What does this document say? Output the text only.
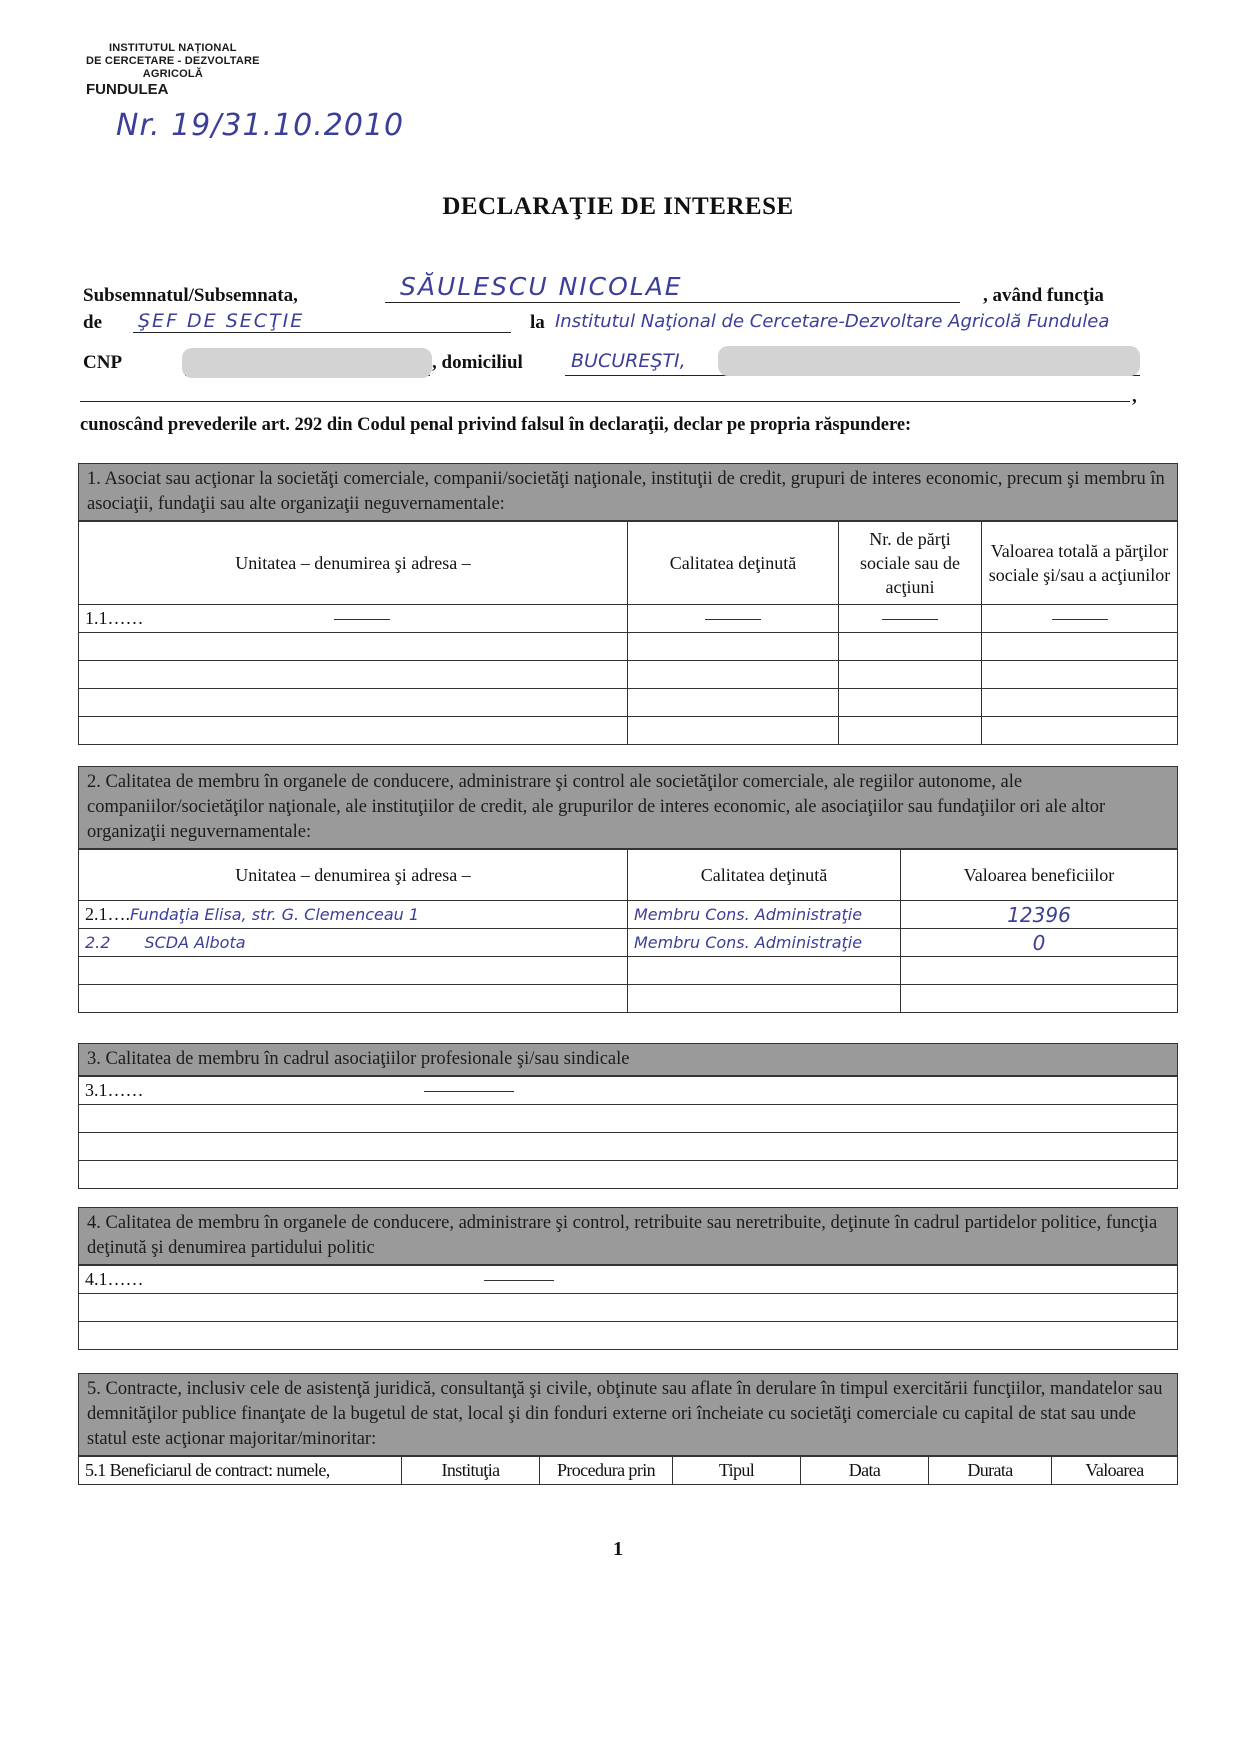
INSTITUTUL NAȚIONAL
DE CERCETARE - DEZVOLTARE
AGRICOLĂ
FUNDULEA
Nr. 19/31.10.2010
DECLARAŢIE DE INTERESE
Subsemnatul/Subsemnata,	SĂULESCU NICOLAE	, având funcţia
de ŞEF DE SECŢIE	la Institutul Naţional de Cercetare-Dezvoltare Agricolă Fundulea
CNP	, domiciliul	BUCUREŞTI,
,
cunoscând prevederile art. 292 din Codul penal privind falsul în declaraţii, declar pe propria răspundere:
1. Asociat sau acţionar la societăţi comerciale, companii/societăţi naţionale, instituţii de credit, grupuri de interes economic, precum şi membru în asociaţii, fundaţii sau alte organizaţii neguvernamentale:
Unitatea – denumirea şi adresa –	Calitatea deţinută	Nr. de părţi sociale sau de acţiuni	Valoarea totală a părţilor sociale şi/sau a acţiunilor
1.1……			

2. Calitatea de membru în organele de conducere, administrare şi control ale societăţilor comerciale, ale regiilor autonome, ale companiilor/societăţilor naţionale, ale instituţiilor de credit, ale grupurilor de interes economic, ale asociaţiilor sau fundaţiilor ori ale altor organizaţii neguvernamentale:
Unitatea – denumirea şi adresa –	Calitatea deţinută	Valoarea beneficiilor
2.1….Fundaţia Elisa, str. G. Clemenceau 1	Membru Cons. Administraţie	12396
2.2 SCDA Albota	Membru Cons. Administraţie	0

3. Calitatea de membru în cadrul asociaţiilor profesionale şi/sau sindicale
3.1……

4. Calitatea de membru în organele de conducere, administrare şi control, retribuite sau neretribuite, deţinute în cadrul partidelor politice, funcţia deţinută şi denumirea partidului politic
4.1……

5. Contracte, inclusiv cele de asistenţă juridică, consultanţă şi civile, obţinute sau aflate în derulare în timpul exercitării funcţiilor, mandatelor sau demnităţilor publice finanţate de la bugetul de stat, local şi din fonduri externe ori încheiate cu societăţi comerciale cu capital de stat sau unde statul este acţionar majoritar/minoritar:
5.1 Beneficiarul de contract: numele,	Instituţia	Procedura prin	Tipul	Data	Durata	Valoarea
1
